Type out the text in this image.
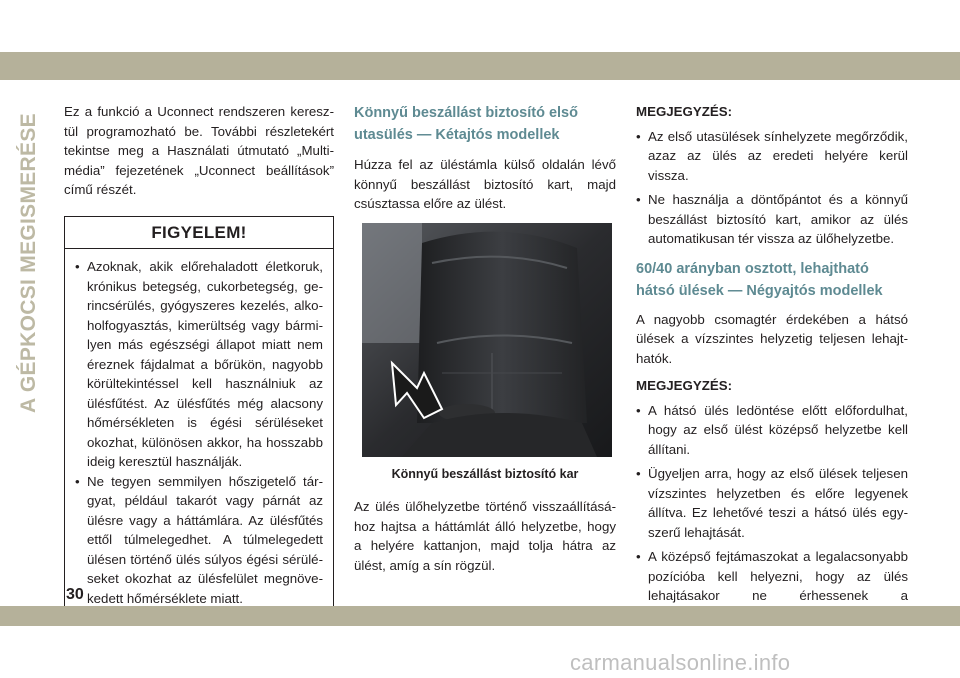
A GÉPKOCSI MEGISMERÉSE

Ez a funkció a Uconnect rendszeren keresztül programozható be. További részletekért tekintse meg a Használati útmutató „Multimédia” fejezetének „Uconnect beállítások” című részét.

FIGYELEM!
• Azoknak, akik előrehaladott életkoruk, krónikus betegség, cukorbetegség, gerincsérülés, gyógyszeres kezelés, alkoholfogyasztás, kimerültség vagy bármilyen más egészségi állapot miatt nem éreznek fájdalmat a bőrükön, nagyobb körültekintéssel kell használniuk az ülésfűtést. Az ülésfűtés még alacsony hőmérsékleten is égési sérüléseket okozhat, különösen akkor, ha hosszabb ideig keresztül használják.
• Ne tegyen semmilyen hőszigetelő tárgyat, például takarót vagy párnát az ülésre vagy a háttámlára. Az ülésfűtés ettől túlmelegedhet. A túlmelegedett ülésen történő ülés súlyos égési sérüléseket okozhat az ülésfelület megnövekedett hőmérséklete miatt.
Könnyű beszállást biztosító első utasülés — Kétajtós modellek

Húzza fel az üléstámla külső oldalán lévő könnyű beszállást biztosító kart, majd csúsztassa előre az ülést.

Könnyű beszállást biztosító kar

Az ülés ülőhelyzetbe történő visszaállításához hajtsa a háttámlát álló helyzetbe, hogy a helyére kattanjon, majd tolja hátra az ülést, amíg a sín rögzül.

MEGJEGYZÉS:

• Az első utasülések sínhelyzete megőrződik, azaz az ülés az eredeti helyére kerül vissza.
• Ne használja a döntőpántot és a könnyű beszállást biztosító kart, amikor az ülés automatikusan tér vissza az ülőhelyzetbe.
60/40 arányban osztott, lehajtható hátsó ülések — Négyajtós modellek

A nagyobb csomagtér érdekében a hátsó ülések a vízszintes helyzetig teljesen lehajthatók.

MEGJEGYZÉS:

• A hátsó ülés ledöntése előtt előfordulhat, hogy az első ülést középső helyzetbe kell állítani.
• Ügyeljen arra, hogy az első ülések teljesen vízszintes helyzetben és előre legyenek állítva. Ez lehetővé teszi a hátsó ülés egyszerű lehajtását.
• A középső fejtámaszokat a legalacsonyabb pozícióba kell helyezni, hogy az ülés lehajtásakor ne érhessenek a
30
carmanualsonline.info
